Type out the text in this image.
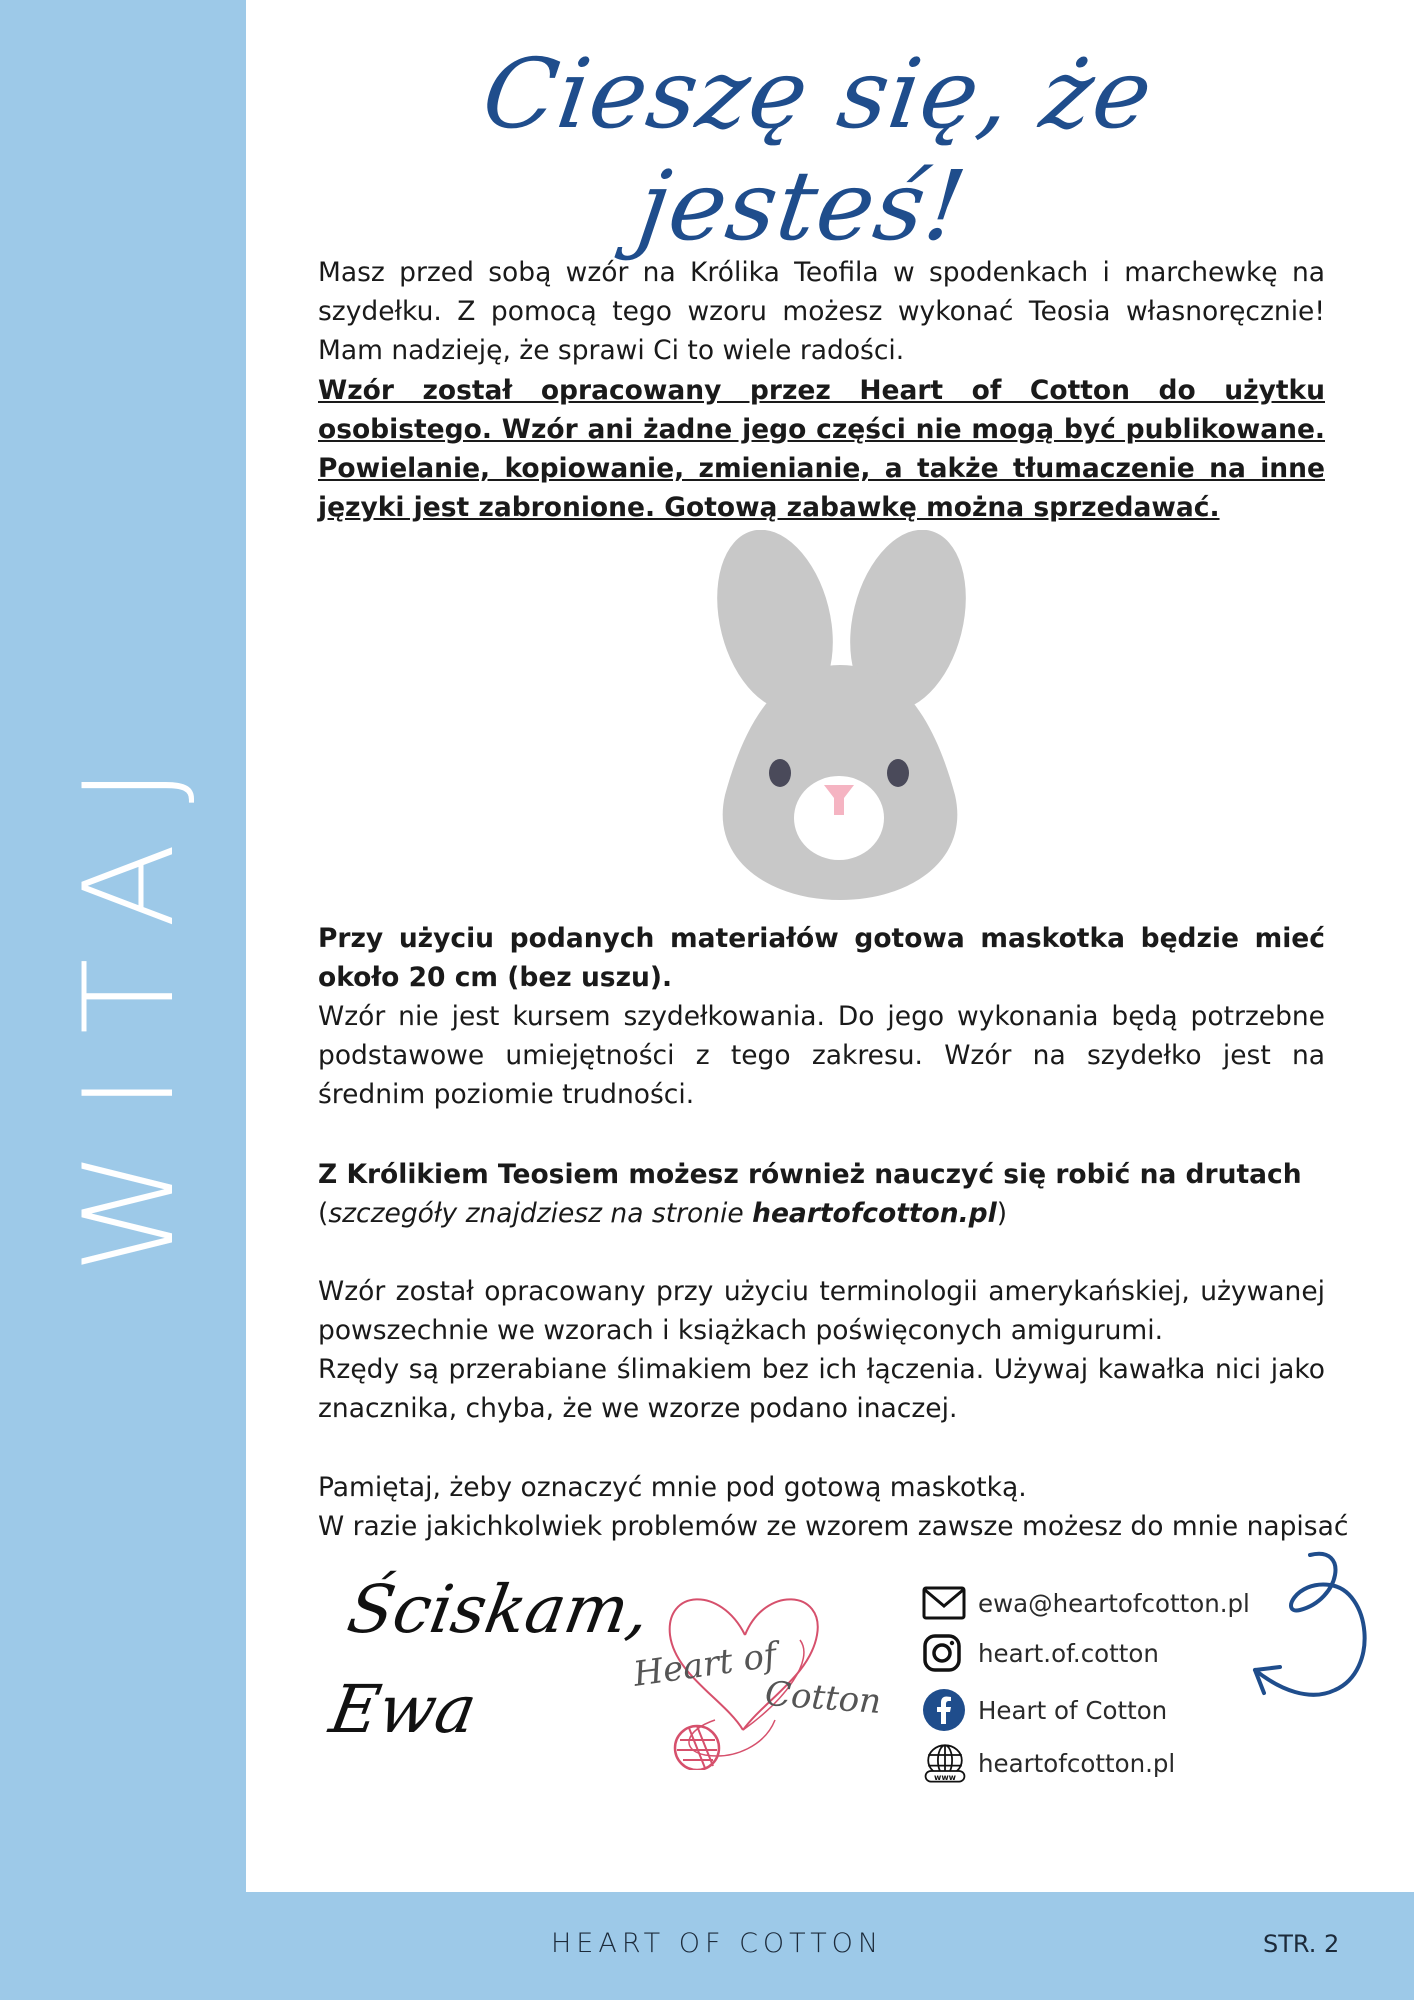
WITAJ
Cieszę się, że jesteś!
Masz przed sobą wzór na Królika Teofila w spodenkach i marchewkę na szydełku. Z pomocą tego wzoru możesz wykonać Teosia własnoręcznie! Mam nadzieję, że sprawi Ci to wiele radości.
Wzór został opracowany przez Heart of Cotton do użytku osobistego. Wzór ani żadne jego części nie mogą być publikowane. Powielanie, kopiowanie, zmienianie, a także tłumaczenie na inne języki jest zabronione. Gotową zabawkę można sprzedawać.
Przy użyciu podanych materiałów gotowa maskotka będzie mieć około 20 cm (bez uszu).
Wzór nie jest kursem szydełkowania. Do jego wykonania będą potrzebne podstawowe umiejętności z tego zakresu. Wzór na szydełko jest na średnim poziomie trudności.
Z Królikiem Teosiem możesz również nauczyć się robić na drutach
(szczegóły znajdziesz na stronie heartofcotton.pl)
Wzór został opracowany przy użyciu terminologii amerykańskiej, używanej powszechnie we wzorach i książkach poświęconych amigurumi.
Rzędy są przerabiane ślimakiem bez ich łączenia. Używaj kawałka nici jako znacznika, chyba, że we wzorze podano inaczej.
Pamiętaj, żeby oznaczyć mnie pod gotową maskotką.
W razie jakichkolwiek problemów ze wzorem zawsze możesz do mnie napisać
Ściskam,
Ewa
Heart of
Cotton
ewa@heartofcotton.pl
heart.of.cotton
Heart of Cotton
www heartofcotton.pl
HEART OF COTTON	STR. 2
